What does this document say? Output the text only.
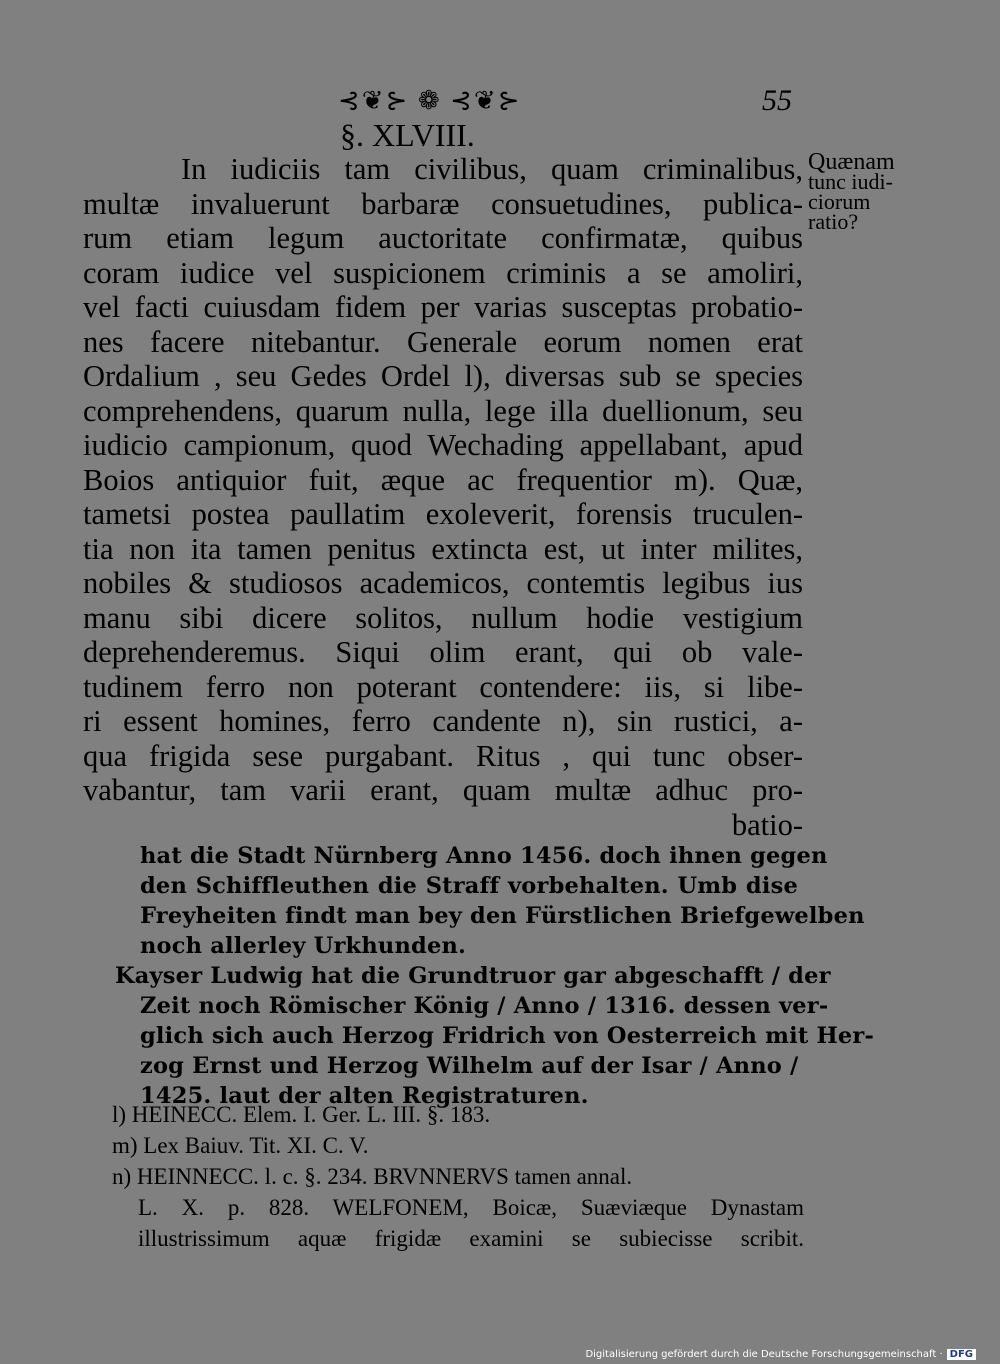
⊰❦⊱ ❁ ⊰❦⊱	55
§. XLVIII.
In iudiciis tam civilibus, quam criminalibus,
multæ invaluerunt barbaræ consuetudines, publica-
rum etiam legum auctoritate confirmatæ, quibus
coram iudice vel suspicionem criminis a se amoliri,
vel facti cuiusdam fidem per varias susceptas probatio-
nes facere nitebantur. Generale eorum nomen erat
Ordalium , seu Gedes Ordel l), diversas sub se species
comprehendens, quarum nulla, lege illa duellionum, seu
iudicio campionum, quod Wechading appellabant, apud
Boios antiquior fuit, æque ac frequentior m). Quæ,
tametsi postea paullatim exoleverit, forensis truculen-
tia non ita tamen penitus extincta est, ut inter milites,
nobiles & studiosos academicos, contemtis legibus ius
manu sibi dicere solitos, nullum hodie vestigium
deprehenderemus. Siqui olim erant, qui ob vale-
tudinem ferro non poterant contendere: iis, si libe-
ri essent homines, ferro candente n), sin rustici, a-
qua frigida sese purgabant. Ritus , qui tunc obser-
vabantur, tam varii erant, quam multæ adhuc pro-
batio-
Quænam
tunc iudi-
ciorum
ratio?
hat die Stadt Nürnberg Anno 1456. doch ihnen gegen
den Schiffleuthen die Straff vorbehalten. Umb dise
Freyheiten findt man bey den Fürstlichen Briefgewelben
noch allerley Urkhunden.
Kayser Ludwig hat die Grundtruor gar abgeschafft / der
Zeit noch Römischer König / Anno / 1316. dessen ver-
glich sich auch Herzog Fridrich von Oesterreich mit Her-
zog Ernst und Herzog Wilhelm auf der Isar / Anno /
1425. laut der alten Registraturen.
l) HEINECC. Elem. I. Ger. L. III. §. 183.
m) Lex Baiuv. Tit. XI. C. V.
n) HEINNECC. l. c. §. 234. BRVNNERVS tamen annal.
L. X. p. 828. WELFONEM, Boicæ, Suæviæque Dynastam
illustrissimum aquæ frigidæ examini se subiecisse scribit.
Digitalisierung gefördert durch die Deutsche Forschungsgemeinschaft · DFG
